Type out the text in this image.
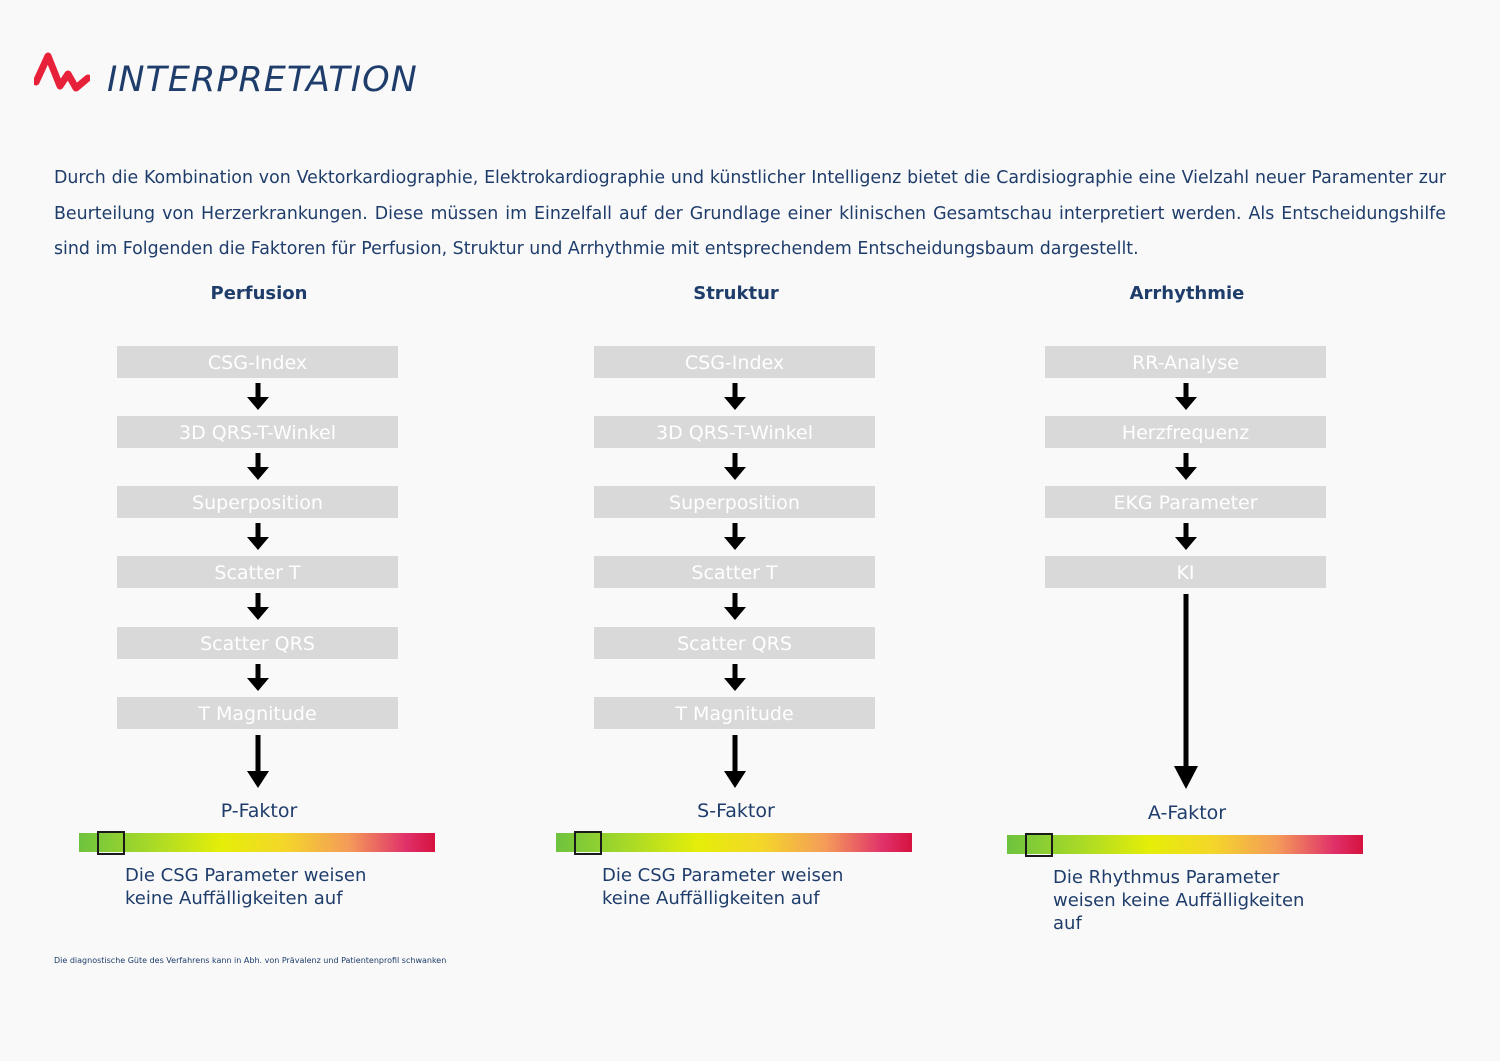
INTERPRETATION
Durch die Kombination von Vektorkardiographie, Elektrokardiographie und künstlicher Intelligenz bietet die Cardisiographie eine Vielzahl neuer Paramenter zur Beurteilung von Herzerkrankungen. Diese müssen im Einzelfall auf der Grundlage einer klinischen Gesamtschau interpretiert werden. Als Entscheidungshilfe sind im Folgenden die Faktoren für Perfusion, Struktur und Arrhythmie mit entsprechendem Entscheidungsbaum dargestellt.
Perfusion
CSG-Index
3D QRS-T-Winkel
Superposition
Scatter T
Scatter QRS
T Magnitude
P-Faktor
Die CSG Parameter weisen
keine Auffälligkeiten auf
Struktur
CSG-Index
3D QRS-T-Winkel
Superposition
Scatter T
Scatter QRS
T Magnitude
S-Faktor
Die CSG Parameter weisen
keine Auffälligkeiten auf
Arrhythmie
RR-Analyse
Herzfrequenz
EKG Parameter
KI
A-Faktor
Die Rhythmus Parameter
weisen keine Auffälligkeiten
auf
Die diagnostische Güte des Verfahrens kann in Abh. von Prävalenz und Patientenprofil schwanken
